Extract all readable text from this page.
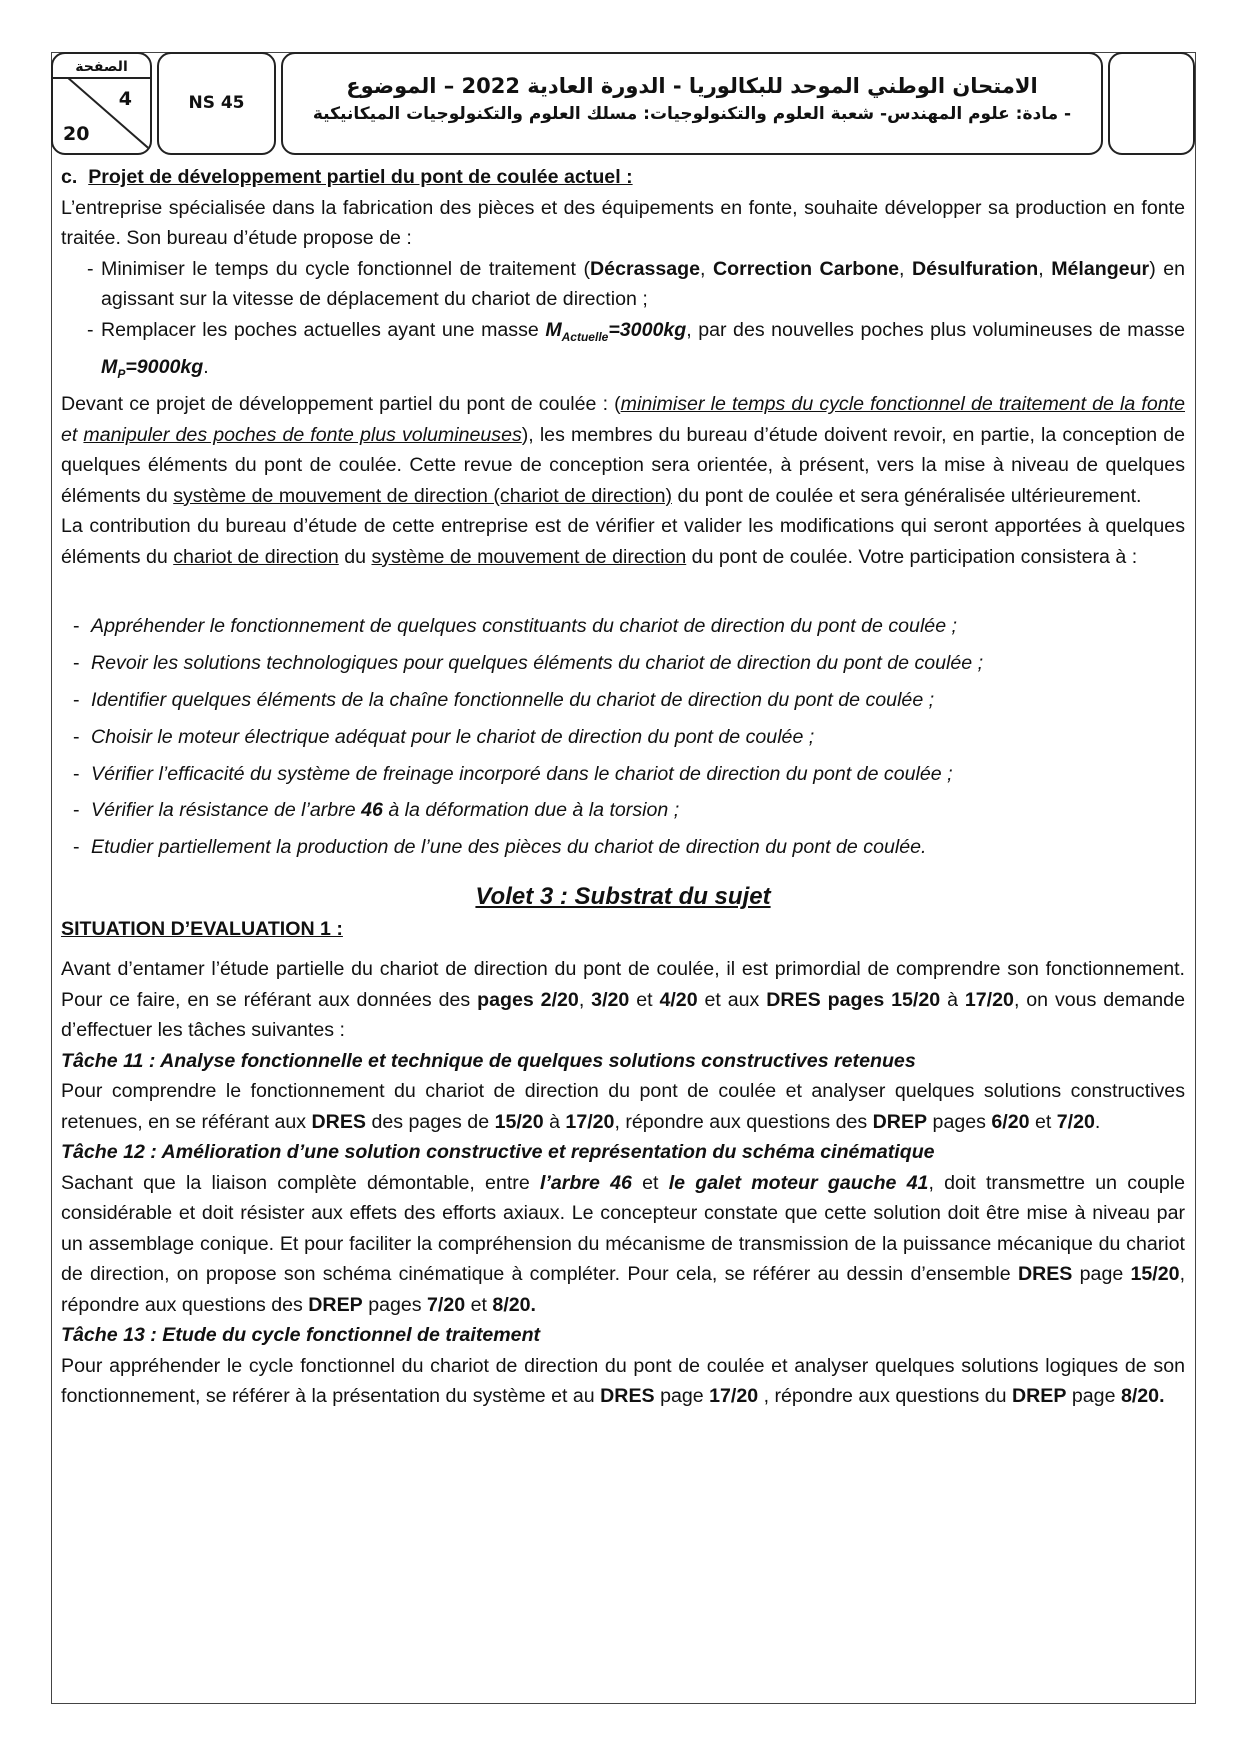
الصفحة
4
20
NS 45
الامتحان الوطني الموحد للبكالوريا - الدورة العادية 2022 – الموضوع
- مادة: علوم المهندس- شعبة العلوم والتكنولوجيات: مسلك العلوم والتكنولوجيات الميكانيكية

c. Projet de développement partiel du pont de coulée actuel :

L’entreprise spécialisée dans la fabrication des pièces et des équipements en fonte, souhaite développer sa production en fonte traitée. Son bureau d’étude propose de :

- Minimiser le temps du cycle fonctionnel de traitement (Décrassage, Correction Carbone, Désulfuration, Mélangeur) en agissant sur la vitesse de déplacement du chariot de direction ;
- Remplacer les poches actuelles ayant une masse $M_{Actuelle}=3000kg$, par des nouvelles poches plus volumineuses de masse $M_P=9000kg$.

Devant ce projet de développement partiel du pont de coulée : (minimiser le temps du cycle fonctionnel de traitement de la fonte et manipuler des poches de fonte plus volumineuses), les membres du bureau d’étude doivent revoir, en partie, la conception de quelques éléments du pont de coulée. Cette revue de conception sera orientée, à présent, vers la mise à niveau de quelques éléments du système de mouvement de direction (chariot de direction) du pont de coulée et sera généralisée ultérieurement.

La contribution du bureau d’étude de cette entreprise est de vérifier et valider les modifications qui seront apportées à quelques éléments du chariot de direction du système de mouvement de direction du pont de coulée. Votre participation consistera à :

- Appréhender le fonctionnement de quelques constituants du chariot de direction du pont de coulée ;
- Revoir les solutions technologiques pour quelques éléments du chariot de direction du pont de coulée ;
- Identifier quelques éléments de la chaîne fonctionnelle du chariot de direction du pont de coulée ;
- Choisir le moteur électrique adéquat pour le chariot de direction du pont de coulée ;
- Vérifier l’efficacité du système de freinage incorporé dans le chariot de direction du pont de coulée ;
- Vérifier la résistance de l’arbre 46 à la déformation due à la torsion ;
- Etudier partiellement la production de l’une des pièces du chariot de direction du pont de coulée.
Volet 3 : Substrat du sujet

SITUATION D’EVALUATION 1 :

Avant d’entamer l’étude partielle du chariot de direction du pont de coulée, il est primordial de comprendre son fonctionnement. Pour ce faire, en se référant aux données des pages 2/20, 3/20 et 4/20 et aux DRES pages 15/20 à 17/20, on vous demande d’effectuer les tâches suivantes :

Tâche 11 : Analyse fonctionnelle et technique de quelques solutions constructives retenues

Pour comprendre le fonctionnement du chariot de direction du pont de coulée et analyser quelques solutions constructives retenues, en se référant aux DRES des pages de 15/20 à 17/20, répondre aux questions des DREP pages 6/20 et 7/20.

Tâche 12 : Amélioration d’une solution constructive et représentation du schéma cinématique

Sachant que la liaison complète démontable, entre l’arbre 46 et le galet moteur gauche 41, doit transmettre un couple considérable et doit résister aux effets des efforts axiaux. Le concepteur constate que cette solution doit être mise à niveau par un assemblage conique. Et pour faciliter la compréhension du mécanisme de transmission de la puissance mécanique du chariot de direction, on propose son schéma cinématique à compléter. Pour cela, se référer au dessin d’ensemble DRES page 15/20, répondre aux questions des DREP pages 7/20 et 8/20.

Tâche 13 : Etude du cycle fonctionnel de traitement

Pour appréhender le cycle fonctionnel du chariot de direction du pont de coulée et analyser quelques solutions logiques de son fonctionnement, se référer à la présentation du système et au DRES page 17/20 , répondre aux questions du DREP page 8/20.
